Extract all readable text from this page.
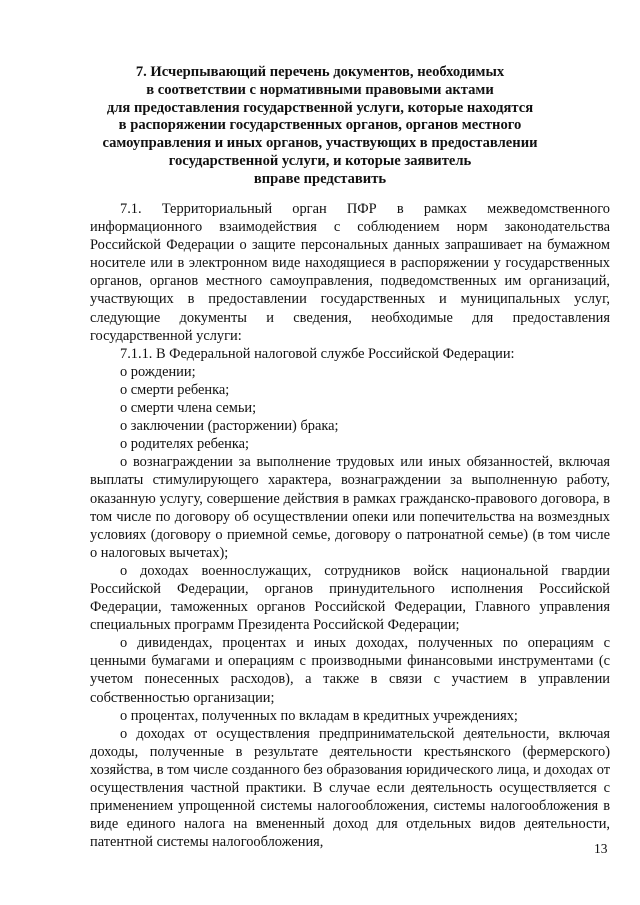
7. Исчерпывающий перечень документов, необходимых
в соответствии с нормативными правовыми актами
для предоставления государственной услуги, которые находятся
в распоряжении государственных органов, органов местного
самоуправления и иных органов, участвующих в предоставлении
государственной услуги, и которые заявитель
вправе представить

7.1. Территориальный орган ПФР в рамках межведомственного информационного взаимодействия с соблюдением норм законодательства Российской Федерации о защите персональных данных запрашивает на бумажном носителе или в электронном виде находящиеся в распоряжении у государственных органов, органов местного самоуправления, подведомственных им организаций, участвующих в предоставлении государственных и муниципальных услуг, следующие документы и сведения, необходимые для предоставления государственной услуги:

7.1.1. В Федеральной налоговой службе Российской Федерации:

о рождении;

о смерти ребенка;

о смерти члена семьи;

о заключении (расторжении) брака;

о родителях ребенка;

о вознаграждении за выполнение трудовых или иных обязанностей, включая выплаты стимулирующего характера, вознаграждении за выполненную работу, оказанную услугу, совершение действия в рамках гражданско-правового договора, в том числе по договору об осуществлении опеки или попечительства на возмездных условиях (договору о приемной семье, договору о патронатной семье) (в том числе о налоговых вычетах);

о доходах военнослужащих, сотрудников войск национальной гвардии Российской Федерации, органов принудительного исполнения Российской Федерации, таможенных органов Российской Федерации, Главного управления специальных программ Президента Российской Федерации;

о дивидендах, процентах и иных доходах, полученных по операциям с ценными бумагами и операциям с производными финансовыми инструментами (с учетом понесенных расходов), а также в связи с участием в управлении собственностью организации;

о процентах, полученных по вкладам в кредитных учреждениях;

о доходах от осуществления предпринимательской деятельности, включая доходы, полученные в результате деятельности крестьянского (фермерского) хозяйства, в том числе созданного без образования юридического лица, и доходах от осуществления частной практики. В случае если деятельность осуществляется с применением упрощенной системы налогообложения, системы налогообложения в виде единого налога на вмененный доход для отдельных видов деятельности, патентной системы налогообложения,	13
